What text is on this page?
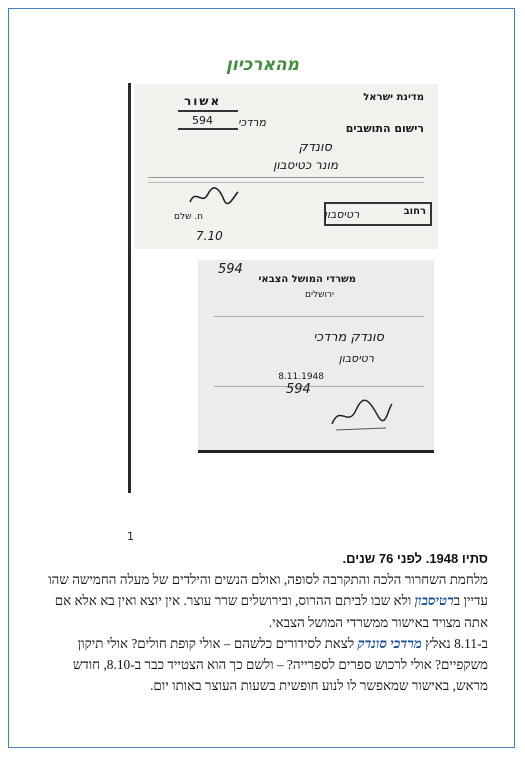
מהארכיון
מדינת ישראל
רישום התושבים
אשור
594
סונדק
מרדכי
מונר כטיסבון
רחוב
רטיסבון
ח. שלם
7.10
משרדי המושל הצבאי
ירושלים
594
סונדק מרדכי
רטיסבון
8.11.1948
594
1

סתיו 1948. לפני 76 שנים.

מלחמת השחרור הלכה והתקרבה לסופה, ואולם הנשים והילדים של מעלה החמישה שהו עדיין ברטיסבון ולא שבו לביתם ההרוס, ובירושלים שרר עוצר. אין יוצא ואין בא אלא אם אתה מצויד באישור ממשרדי המושל הצבאי.

ב-8.11 נאלץ מרדכי סונדק לצאת לסידורים כלשהם – אולי קופת חולים? אולי תיקון משקפיים? אולי לרכוש ספרים לספרייה? – ולשם כך הוא הצטייד כבר ב-8.10, חודש מראש, באישור שמאפשר לו לנוע חופשית בשעות העוצר באותו יום.
